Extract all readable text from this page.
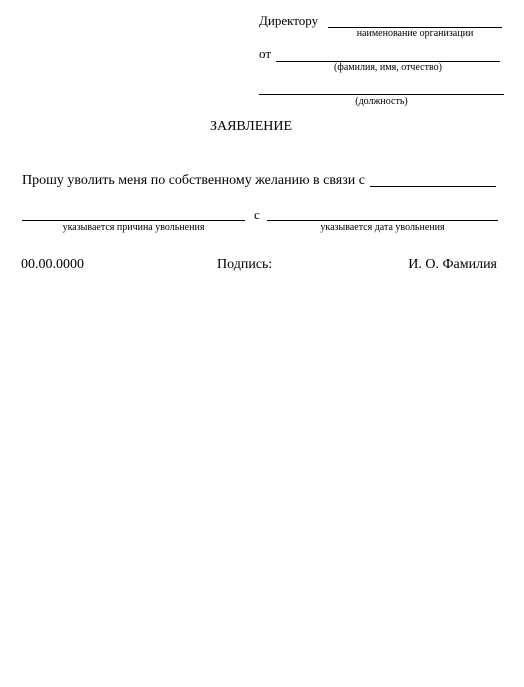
Директору
наименование организации
от
(фамилия, имя, отчество)
(должность)
ЗАЯВЛЕНИЕ
Прошу уволить меня по собственному желанию в связи с
указывается причина увольнения
с
указывается дата увольнения
00.00.0000	Подпись:	И. О. Фамилия
